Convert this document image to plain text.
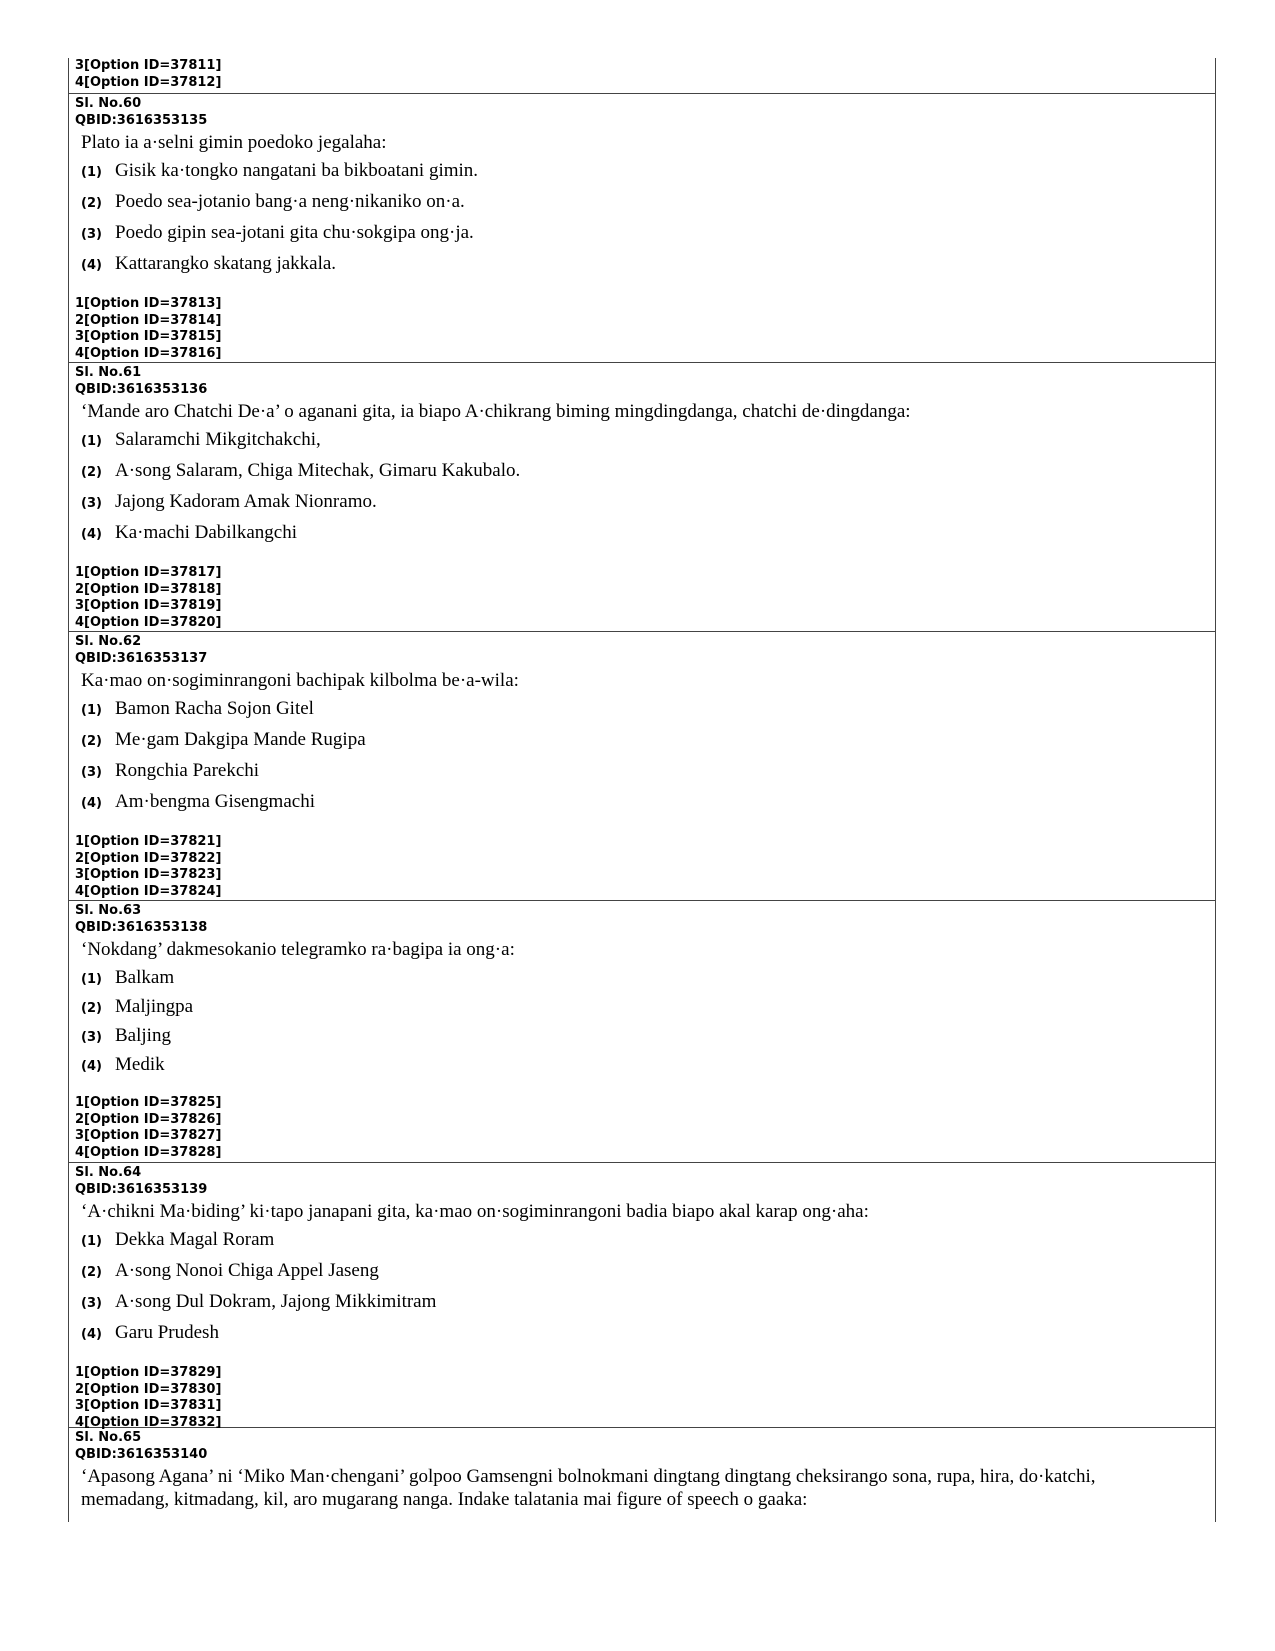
3[Option ID=37811]
4[Option ID=37812]
Sl. No.60
QBID:3616353135
Plato ia a·selni gimin poedoko jegalaha:
(1) Gisik ka·tongko nangatani ba bikboatani gimin.
(2) Poedo sea-jotanio bang·a neng·nikaniko on·a.
(3) Poedo gipin sea-jotani gita chu·sokgipa ong·ja.
(4) Kattarangko skatang jakkala.
1[Option ID=37813]
2[Option ID=37814]
3[Option ID=37815]
4[Option ID=37816]
Sl. No.61
QBID:3616353136
‘Mande aro Chatchi De·a’ o aganani gita, ia biapo A·chikrang biming mingdingdanga, chatchi de·dingdanga:
(1) Salaramchi Mikgitchakchi,
(2) A·song Salaram, Chiga Mitechak, Gimaru Kakubalo.
(3) Jajong Kadoram Amak Nionramo.
(4) Ka·machi Dabilkangchi
1[Option ID=37817]
2[Option ID=37818]
3[Option ID=37819]
4[Option ID=37820]
Sl. No.62
QBID:3616353137
Ka·mao on·sogiminrangoni bachipak kilbolma be·a-wila:
(1) Bamon Racha Sojon Gitel
(2) Me·gam Dakgipa Mande Rugipa
(3) Rongchia Parekchi
(4) Am·bengma Gisengmachi
1[Option ID=37821]
2[Option ID=37822]
3[Option ID=37823]
4[Option ID=37824]
Sl. No.63
QBID:3616353138
‘Nokdang’ dakmesokanio telegramko ra·bagipa ia ong·a:
(1) Balkam
(2) Maljingpa
(3) Baljing
(4) Medik
1[Option ID=37825]
2[Option ID=37826]
3[Option ID=37827]
4[Option ID=37828]
Sl. No.64
QBID:3616353139
‘A·chikni Ma·biding’ ki·tapo janapani gita, ka·mao on·sogiminrangoni badia biapo akal karap ong·aha:
(1) Dekka Magal Roram
(2) A·song Nonoi Chiga Appel Jaseng
(3) A·song Dul Dokram, Jajong Mikkimitram
(4) Garu Prudesh
1[Option ID=37829]
2[Option ID=37830]
3[Option ID=37831]
4[Option ID=37832]
Sl. No.65
QBID:3616353140
‘Apasong Agana’ ni ‘Miko Man·chengani’ golpoo Gamsengni bolnokmani dingtang dingtang cheksirango sona, rupa, hira, do·katchi, memadang, kitmadang, kil, aro mugarang nanga. Indake talatania mai figure of speech o gaaka:
